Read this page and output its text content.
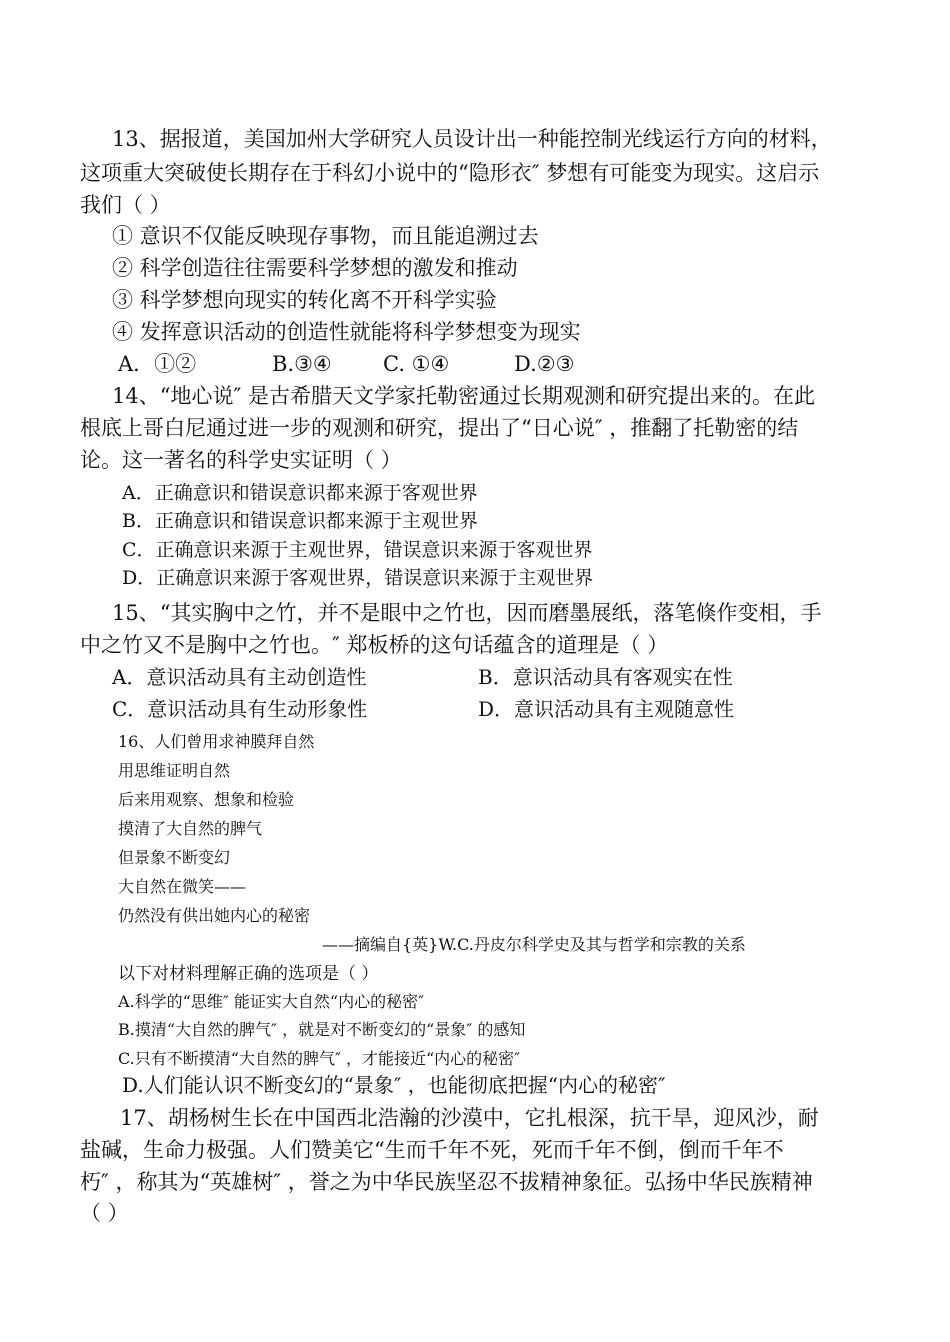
13、据报道，美国加州大学研究人员设计出一种能控制光线运行方向的材料，
这项重大突破使长期存在于科幻小说中的“隐形衣″ 梦想有可能变为现实。这启示
我们（ ）
① 意识不仅能反映现存事物，而且能追溯过去
② 科学创造往往需要科学梦想的激发和推动
③ 科学梦想向现实的转化离不开科学实验
④ 发挥意识活动的创造性就能将科学梦想变为现实
A．①②	B.③④ C. ①④	D.②③
14、“地心说″ 是古希腊天文学家托勒密通过长期观测和研究提出来的。在此
根底上哥白尼通过进一步的观测和研究，提出了“日心说″ ，推翻了托勒密的结
论。这一著名的科学史实证明（ ）
A．正确意识和错误意识都来源于客观世界
B．正确意识和错误意识都来源于主观世界
C．正确意识来源于主观世界，错误意识来源于客观世界
D．正确意识来源于客观世界，错误意识来源于主观世界
15、“其实胸中之竹，并不是眼中之竹也，因而磨墨展纸，落笔倏作变相，手
中之竹又不是胸中之竹也。″ 郑板桥的这句话蕴含的道理是（ ）
A．意识活动具有主动创造性	B．意识活动具有客观实在性
C．意识活动具有生动形象性	D．意识活动具有主观随意性
16、人们曾用求神膜拜自然
用思维证明自然
后来用观察、想象和检验
摸清了大自然的脾气
但景象不断变幻
大自然在微笑——
仍然没有供出她内心的秘密
——摘编自{英}W.C.丹皮尔科学史及其与哲学和宗教的关系
以下对材料理解正确的选项是（ ）
A.科学的“思维″ 能证实大自然“内心的秘密″
B.摸清“大自然的脾气″ ，就是对不断变幻的“景象″ 的感知
C.只有不断摸清“大自然的脾气″ ，才能接近“内心的秘密″
D.人们能认识不断变幻的“景象″ ，也能彻底把握“内心的秘密″
17、胡杨树生长在中国西北浩瀚的沙漠中，它扎根深，抗干旱，迎风沙，耐
盐碱，生命力极强。人们赞美它“生而千年不死，死而千年不倒，倒而千年不
朽″ ，称其为“英雄树″ ，誉之为中华民族坚忍不拔精神象征。弘扬中华民族精神
（ ）
